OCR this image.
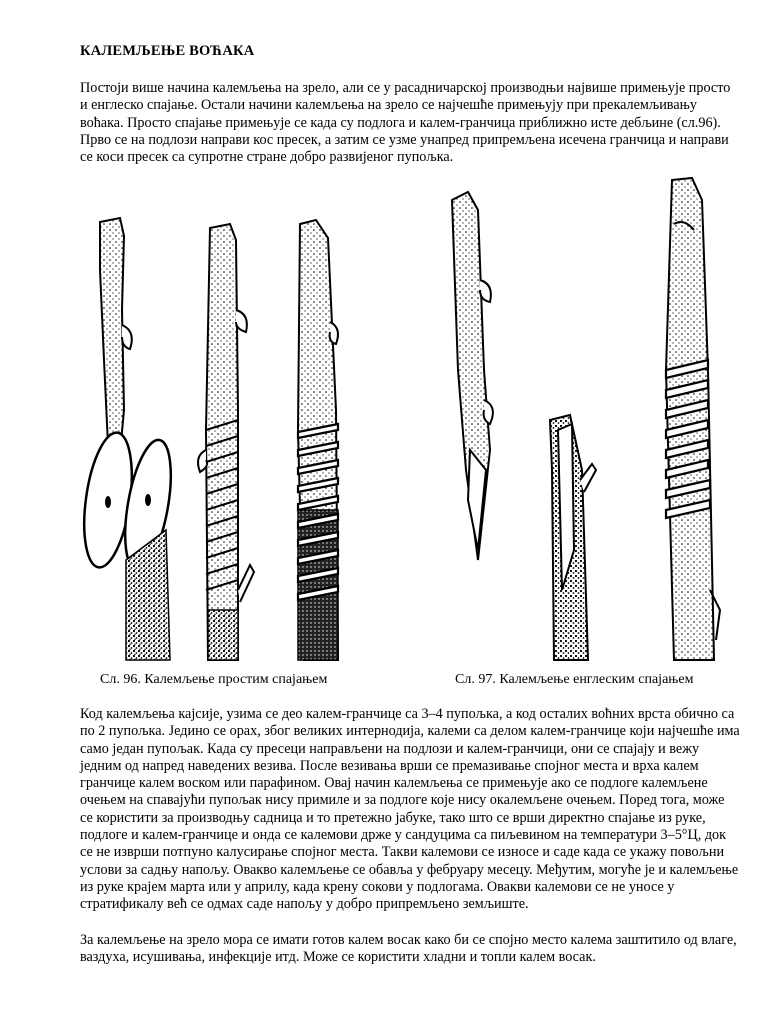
КАЛЕМЉЕЊЕ ВОЋАКА

Постоји више начина калемљења на зрело, али се у расадничарској производњи највише примењује просто и енглеско спајање. Остали начини калемљења на зрело се најчешће примењују при прекалемљивању воћака. Просто спајање примењује се када су подлога и калем-гранчица приближно исте дебљине (сл.96). Прво се на подлози направи кос пресек, а затим се узме унапред припремљена исечена гранчица и направи се коси пресек са супротне стране добро развијеног пупољка.

Сл. 96. Калемљење простим спајањем	Сл. 97. Калемљење енглеским спајањем

Код калемљења кајсије, узима се део калем-гранчице са 3–4 пупољка, а код осталих воћних врста обично са по 2 пупољка. Једино се орах, због великих интернодија, калеми са делом калем-гранчице који најчешће има само један пупољак. Када су пресеци направљени на подлози и калем-гранчици, они се спајају и вежу једним од напред наведених везива. После везивања врши се премазивање спојног места и врха калем гранчице калем воском или парафином. Овај начин калемљења се примењује ако се подлоге калемљене очењем на спавајући пупољак нису примиле и за подлоге које нису окалемљене очењем. Поред тога, може се користити за производњу садница и то претежно јабуке, тако што се врши директно спајање из руке, подлоге и калем-гранчице и онда се калемови држе у сандуцима са пиљевином на температури 3–5°Ц, док се не изврши потпуно калусирање спојног места. Такви калемови се износе и саде када се укажу повољни услови за садњу напољу. Овакво калемљење се обавља у фебруару месецу. Међутим, могуће је и калемљење из руке крајем марта или у априлу, када крену сокови у подлогама. Овакви калемови се не уносе у стратификалу већ се одмах саде напољу у добро припремљено земљиште.

За калемљење на зрело мора се имати готов калем восак како би се спојно место калема заштитило од влаге, ваздуха, исушивања, инфекције итд. Може се користити хладни и топли калем восак.
